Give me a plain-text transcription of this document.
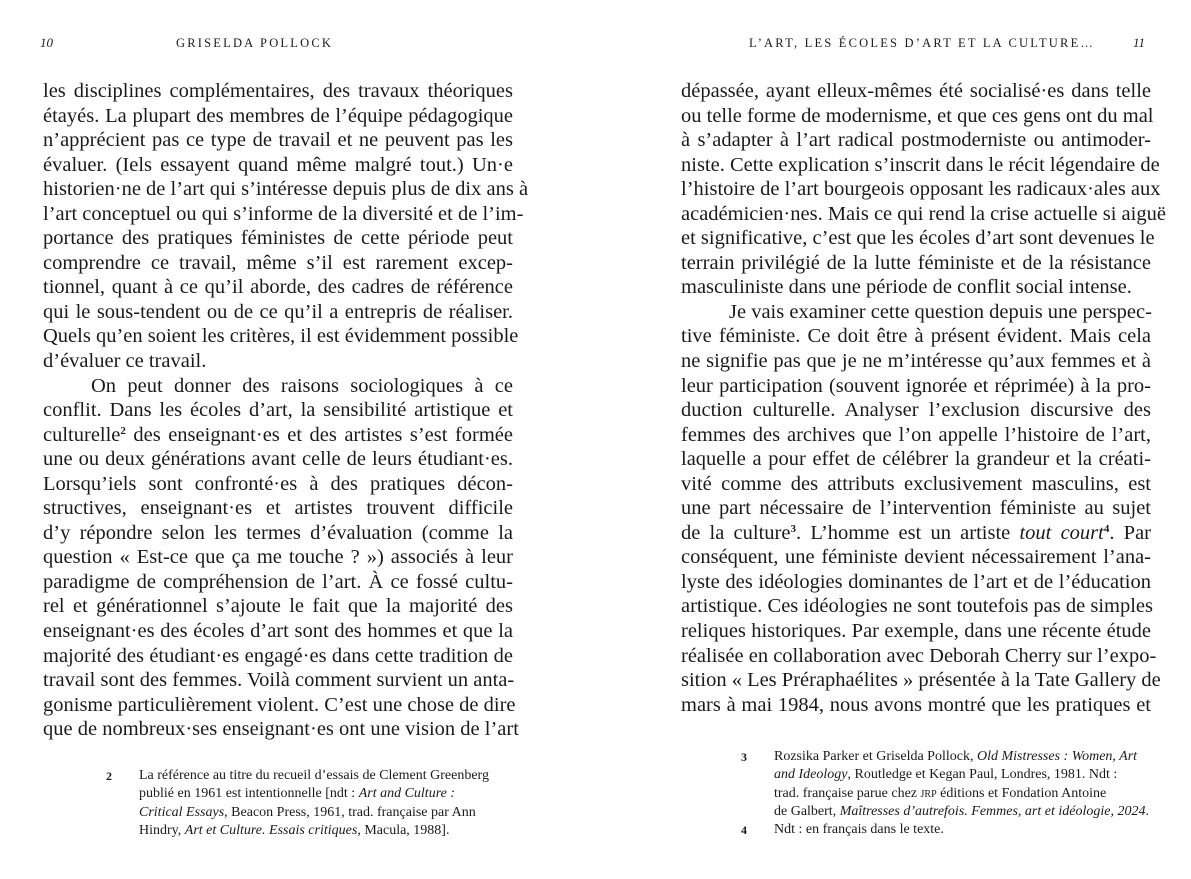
10	GRISELDA POLLOCK
les disciplines complémentaires, des travaux théoriques
étayés. La plupart des membres de l’équipe pédagogique
n’apprécient pas ce type de travail et ne peuvent pas les
évaluer. (Iels essayent quand même malgré tout.) Un·e
historien·ne de l’art qui s’intéresse depuis plus de dix ans à
l’art conceptuel ou qui s’informe de la diversité et de l’im-
portance des pratiques féministes de cette période peut
comprendre ce travail, même s’il est rarement excep-
tionnel, quant à ce qu’il aborde, des cadres de référence
qui le sous-tendent ou de ce qu’il a entrepris de réaliser.
Quels qu’en soient les critères, il est évidemment possible
d’évaluer ce travail.
On peut donner des raisons sociologiques à ce
conflit. Dans les écoles d’art, la sensibilité artistique et
culturelle$^2$ des enseignant·es et des artistes s’est formée
une ou deux générations avant celle de leurs étudiant·es.
Lorsqu’iels sont confronté·es à des pratiques décon-
structives, enseignant·es et artistes trouvent difficile
d’y répondre selon les termes d’évaluation (comme la
question « Est-ce que ça me touche ? ») associés à leur
paradigme de compréhension de l’art. À ce fossé cultu-
rel et générationnel s’ajoute le fait que la majorité des
enseignant·es des écoles d’art sont des hommes et que la
majorité des étudiant·es engagé·es dans cette tradition de
travail sont des femmes. Voilà comment survient un anta-
gonisme particulièrement violent. C’est une chose de dire
que de nombreux·ses enseignant·es ont une vision de l’art
2 La référence au titre du recueil d’essais de Clement Greenberg
publié en 1961 est intentionnelle [ndt : Art and Culture :
Critical Essays, Beacon Press, 1961, trad. française par Ann
Hindry, Art et Culture. Essais critiques, Macula, 1988].
L’ART, LES ÉCOLES D’ART ET LA CULTURE…	11
dépassée, ayant elleux-mêmes été socialisé·es dans telle
ou telle forme de modernisme, et que ces gens ont du mal
à s’adapter à l’art radical postmoderniste ou antimoder-
niste. Cette explication s’inscrit dans le récit légendaire de
l’histoire de l’art bourgeois opposant les radicaux·ales aux
académicien·nes. Mais ce qui rend la crise actuelle si aiguë
et significative, c’est que les écoles d’art sont devenues le
terrain privilégié de la lutte féministe et de la résistance
masculiniste dans une période de conflit social intense.
Je vais examiner cette question depuis une perspec-
tive féministe. Ce doit être à présent évident. Mais cela
ne signifie pas que je ne m’intéresse qu’aux femmes et à
leur participation (souvent ignorée et réprimée) à la pro-
duction culturelle. Analyser l’exclusion discursive des
femmes des archives que l’on appelle l’histoire de l’art,
laquelle a pour effet de célébrer la grandeur et la créati-
vité comme des attributs exclusivement masculins, est
une part nécessaire de l’intervention féministe au sujet
de la culture$^3$. L’homme est un artiste tout court$^4$. Par
conséquent, une féministe devient nécessairement l’ana-
lyste des idéologies dominantes de l’art et de l’éducation
artistique. Ces idéologies ne sont toutefois pas de simples
reliques historiques. Par exemple, dans une récente étude
réalisée en collaboration avec Deborah Cherry sur l’expo-
sition « Les Préraphaélites » présentée à la Tate Gallery de
mars à mai 1984, nous avons montré que les pratiques et
3 Rozsika Parker et Griselda Pollock, Old Mistresses : Women, Art
and Ideology, Routledge et Kegan Paul, Londres, 1981. Ndt :
trad. française parue chez jrp éditions et Fondation Antoine
de Galbert, Maîtresses d’autrefois. Femmes, art et idéologie, 2024.
4 Ndt : en français dans le texte.
